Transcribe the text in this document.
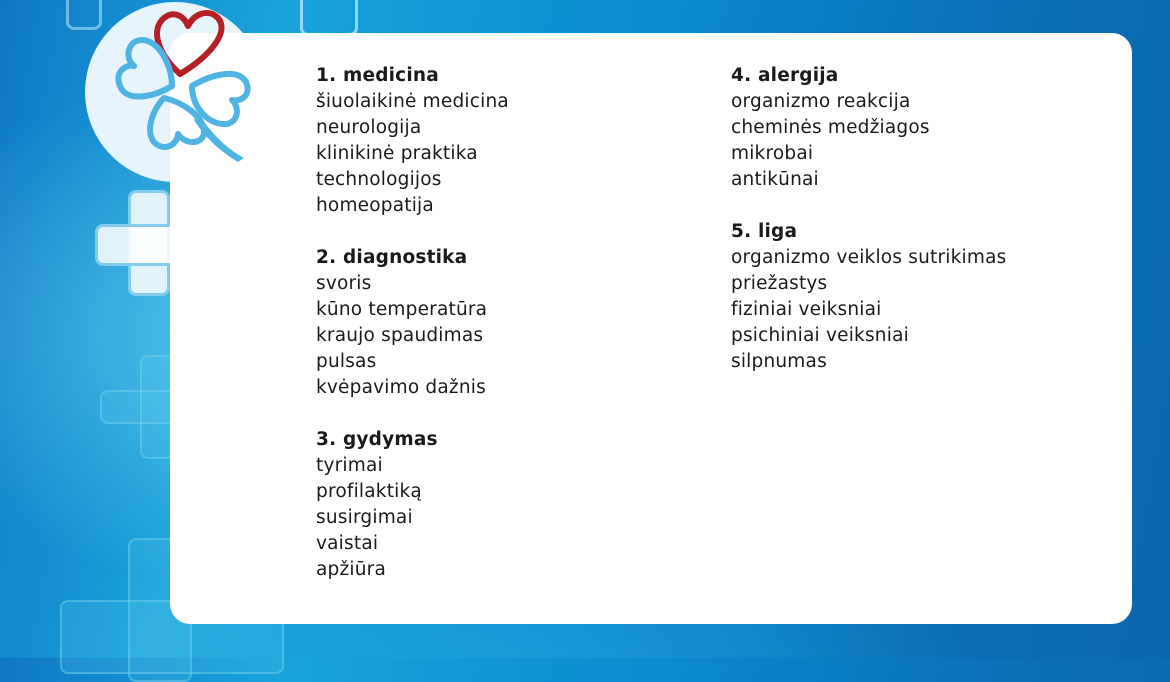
1. medicina
šiuolaikinė medicina
neurologija
klinikinė praktika
technologijos
homeopatija
2. diagnostika
svoris
kūno temperatūra
kraujo spaudimas
pulsas
kvėpavimo dažnis
3. gydymas
tyrimai
profilaktiką
susirgimai
vaistai
apžiūra
4. alergija
organizmo reakcija
cheminės medžiagos
mikrobai
antikūnai
5. liga
organizmo veiklos sutrikimas
priežastys
fiziniai veiksniai
psichiniai veiksniai
silpnumas
